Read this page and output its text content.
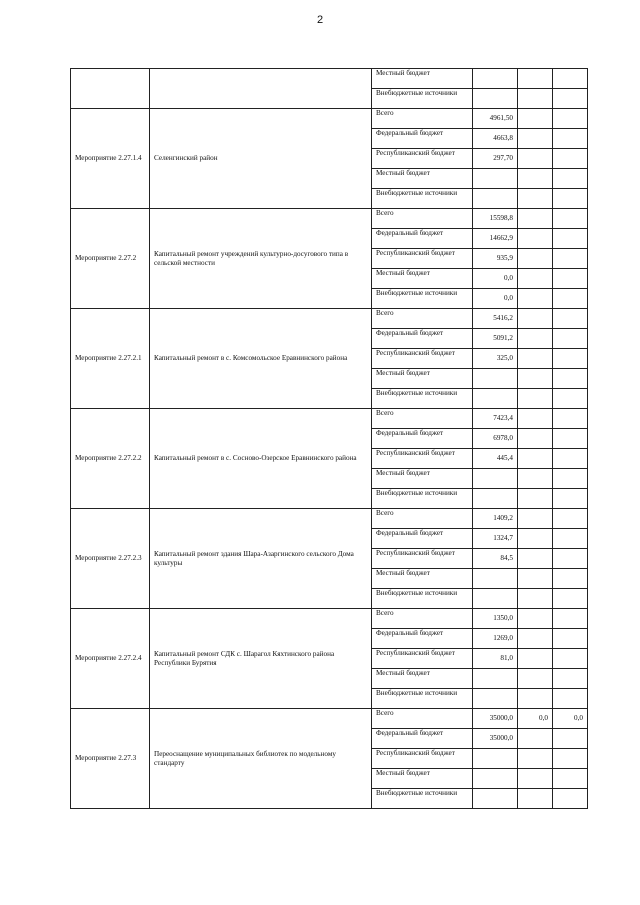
2
		Местный бюджет			
		Внебюджетные источники			
Мероприятие 2.27.1.4	Селенгинский район	Всего	4961,50		
		Федеральный бюджет	4663,8		
		Республиканский бюджет	297,70		
		Местный бюджет			
		Внебюджетные источники			
Мероприятие 2.27.2	Капитальный ремонт учреждений культурно-досугового типа в сельской местности	Всего	15598,8		
		Федеральный бюджет	14662,9		
		Республиканский бюджет	935,9		
		Местный бюджет	0,0		
		Внебюджетные источники	0,0		
Мероприятие 2.27.2.1	Капитальный ремонт в с. Комсомольское Еравнинского района	Всего	5416,2		
		Федеральный бюджет	5091,2		
		Республиканский бюджет	325,0		
		Местный бюджет			
		Внебюджетные источники			
Мероприятие 2.27.2.2	Капитальный ремонт в с. Сосново-Озерское Еравнинского района	Всего	7423,4		
		Федеральный бюджет	6978,0		
		Республиканский бюджет	445,4		
		Местный бюджет			
		Внебюджетные источники			
Мероприятие 2.27.2.3	Капитальный ремонт здания Шара-Азаргинского сельского Дома культуры	Всего	1409,2		
		Федеральный бюджет	1324,7		
		Республиканский бюджет	84,5		
		Местный бюджет			
		Внебюджетные источники			
Мероприятие 2.27.2.4	Капитальный ремонт СДК с. Шарагол Кяхтинского района Республики Бурятия	Всего	1350,0		
		Федеральный бюджет	1269,0		
		Республиканский бюджет	81,0		
		Местный бюджет			
		Внебюджетные источники			
Мероприятие 2.27.3	Переоснащение муниципальных библиотек по модельному стандарту	Всего	35000,0	0,0	0,0
		Федеральный бюджет	35000,0		
		Республиканский бюджет			
		Местный бюджет			
		Внебюджетные источники			
